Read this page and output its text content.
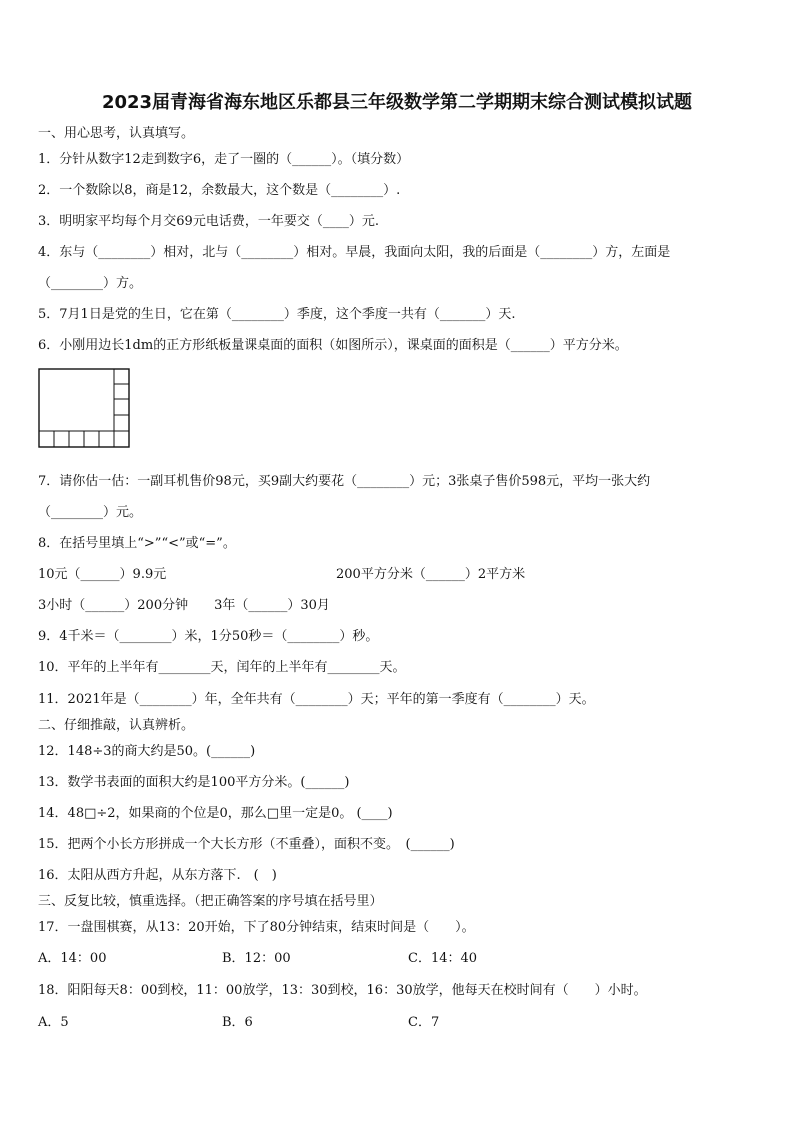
2023届青海省海东地区乐都县三年级数学第二学期期末综合测试模拟试题
一、用心思考，认真填写。
1．分针从数字12走到数字6，走了一圈的（______）。（填分数）
2．一个数除以8，商是12，余数最大，这个数是（________）.
3．明明家平均每个月交69元电话费，一年要交（____）元.
4．东与（________）相对，北与（________）相对。早晨，我面向太阳，我的后面是（________）方，左面是
（________）方。
5．7月1日是党的生日，它在第（________）季度，这个季度一共有（_______）天.
6．小刚用边长1dm的正方形纸板量课桌面的面积（如图所示），课桌面的面积是（______）平方分米。
7．请你估一估：一副耳机售价98元，买9副大约要花（________）元；3张桌子售价598元，平均一张大约
（________）元。
8．在括号里填上“>”“<”或“=”。
10元（______）9.9元	200平方分米（______）2平方米
3小时（______）200分钟　　3年（______）30月
9．4千米＝（________）米，1分50秒＝（________）秒。
10．平年的上半年有________天，闰年的上半年有________天。
11．2021年是（________）年，全年共有（________）天；平年的第一季度有（________）天。
二、仔细推敲，认真辨析。
12．148÷3的商大约是50。(______)
13．数学书表面的面积大约是100平方分米。(______)
14．48□÷2，如果商的个位是0，那么□里一定是0。 (____)
15．把两个小长方形拼成一个大长方形（不重叠），面积不变。　(______)
16．太阳从西方升起，从东方落下.　(　)
三、反复比较，慎重选择。（把正确答案的序号填在括号里）
17．一盘围棋赛，从13：20开始，下了80分钟结束，结束时间是（　　）。
A．14：00	B．12：00	C．14：40
18．阳阳每天8：00到校，11：00放学，13：30到校，16：30放学，他每天在校时间有（　　）小时。
A．5	B．6	C．7
